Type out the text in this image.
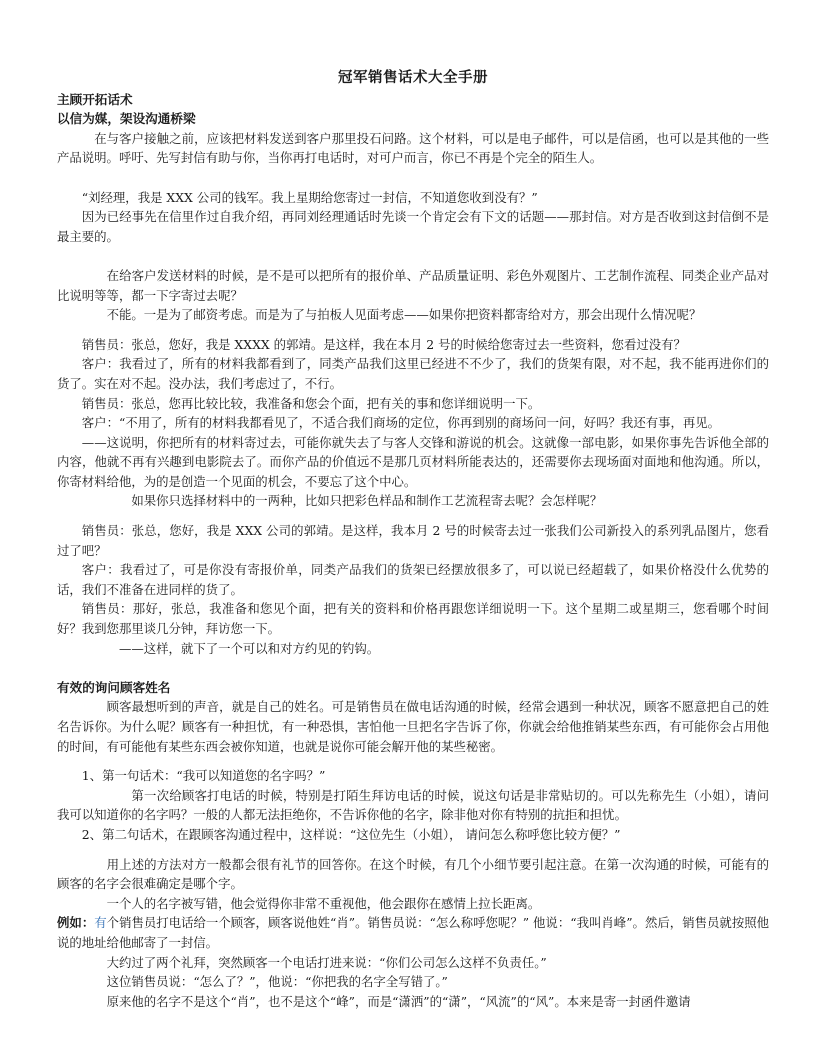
冠军销售话术大全手册
主顾开拓话术
以信为媒，架设沟通桥梁

在与客户接触之前，应该把材料发送到客户那里投石问路。这个材料，可以是电子邮件，可以是信函，也可以是其他的一些产品说明。呼吁、先写封信有助与你，当你再打电话时，对可户而言，你已不再是个完全的陌生人。

“刘经理，我是 XXX 公司的钱军。我上星期给您寄过一封信，不知道您收到没有？”

因为已经事先在信里作过自我介绍，再同刘经理通话时先谈一个肯定会有下文的话题——那封信。对方是否收到这封信倒不是最主要的。

在给客户发送材料的时候，是不是可以把所有的报价单、产品质量证明、彩色外观图片、工艺制作流程、同类企业产品对比说明等等，都一下字寄过去呢？

不能。一是为了邮资考虑。而是为了与拍板人见面考虑——如果你把资料都寄给对方，那会出现什么情况呢？

销售员：张总，您好，我是 XXXX 的郭靖。是这样，我在本月 2 号的时候给您寄过去一些资料，您看过没有？

客户：我看过了，所有的材料我都看到了，同类产品我们这里已经进不不少了，我们的货架有限，对不起，我不能再进你们的货了。实在对不起。没办法，我们考虑过了，不行。

销售员：张总，您再比较比较，我准备和您会个面，把有关的事和您详细说明一下。

客户：“不用了，所有的材料我都看见了，不适合我们商场的定位，你再到别的商场问一问，好吗？我还有事，再见。

——这说明，你把所有的材料寄过去，可能你就失去了与客人交锋和游说的机会。这就像一部电影，如果你事先告诉他全部的内容，他就不再有兴趣到电影院去了。而你产品的价值远不是那几页材料所能表达的，还需要你去现场面对面地和他沟通。所以，你寄材料给他，为的是创造一个见面的机会，不要忘了这个中心。

如果你只选择材料中的一两种，比如只把彩色样品和制作工艺流程寄去呢？会怎样呢？

销售员：张总，您好，我是 XXX 公司的郭靖。是这样，我本月 2 号的时候寄去过一张我们公司新投入的系列乳品图片，您看过了吧？

客户：我看过了，可是你没有寄报价单，同类产品我们的货架已经摆放很多了，可以说已经超载了，如果价格没什么优势的话，我们不准备在进同样的货了。

销售员：那好，张总，我准备和您见个面，把有关的资料和价格再跟您详细说明一下。这个星期二或星期三，您看哪个时间好？我到您那里谈几分钟，拜访您一下。

——这样，就下了一个可以和对方约见的钓钩。

有效的询问顾客姓名

顾客最想听到的声音，就是自己的姓名。可是销售员在做电话沟通的时候，经常会遇到一种状况，顾客不愿意把自己的姓名告诉你。为什么呢？顾客有一种担忧，有一种恐惧，害怕他一旦把名字告诉了你，你就会给他推销某些东西，有可能你会占用他的时间，有可能他有某些东西会被你知道，也就是说你可能会解开他的某些秘密。

1、第一句话术：“我可以知道您的名字吗？”

第一次给顾客打电话的时候，特别是打陌生拜访电话的时候，说这句话是非常贴切的。可以先称先生（小姐），请问我可以知道你的名字吗？一般的人都无法拒绝你，不告诉你他的名字，除非他对你有特别的抗拒和担忧。

2、第二句话术，在跟顾客沟通过程中，这样说：“这位先生（小姐）， 请问怎么称呼您比较方便？”

用上述的方法对方一般都会很有礼节的回答你。在这个时候，有几个小细节要引起注意。在第一次沟通的时候，可能有的顾客的名字会很难确定是哪个字。

一个人的名字被写错，他会觉得你非常不重视他，他会跟你在感情上拉长距离。

例如：有个销售员打电话给一个顾客，顾客说他姓“肖”。销售员说：“怎么称呼您呢？” 他说：“我叫肖峰”。然后，销售员就按照他说的地址给他邮寄了一封信。

大约过了两个礼拜，突然顾客一个电话打进来说：“你们公司怎么这样不负责任。”

这位销售员说：“怎么了？”，他说：“你把我的名字全写错了。”

原来他的名字不是这个“肖”，也不是这个“峰”，而是“潇洒”的“潇”，“风流”的“风”。本来是寄一封函件邀请
